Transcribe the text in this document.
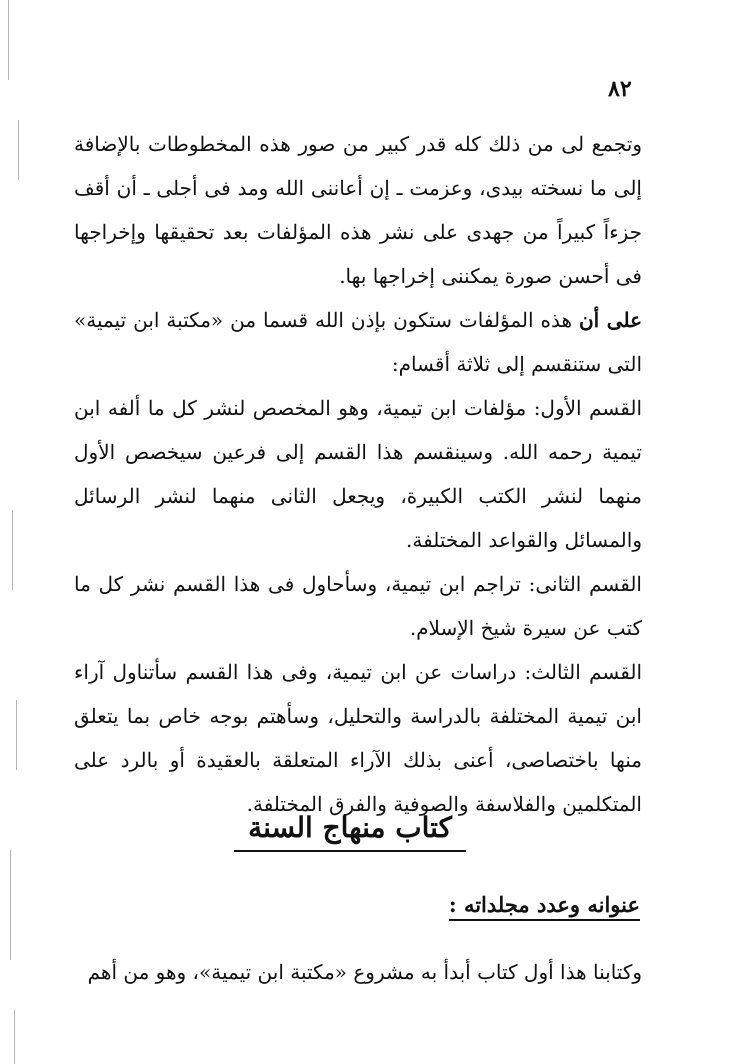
٨٢

وتجمع لى من ذلك كله قدر كبير من صور هذه المخطوطات بالإضافة إلى ما نسخته بيدى، وعزمت ـ إن أعاننى الله ومد فى أجلى ـ أن أقف جزءاً كبيراً من جهدى على نشر هذه المؤلفات بعد تحقيقها وإخراجها فى أحسن صورة يمكننى إخراجها بها.

على أن هذه المؤلفات ستكون بإذن الله قسما من «مكتبة ابن تيمية» التى ستنقسم إلى ثلاثة أقسام:

القسم الأول: مؤلفات ابن تيمية، وهو المخصص لنشر كل ما ألفه ابن تيمية رحمه الله. وسينقسم هذا القسم إلى فرعين سيخصص الأول منهما لنشر الكتب الكبيرة، ويجعل الثانى منهما لنشر الرسائل والمسائل والقواعد المختلفة.

القسم الثانى: تراجم ابن تيمية، وسأحاول فى هذا القسم نشر كل ما كتب عن سيرة شيخ الإسلام.

القسم الثالث: دراسات عن ابن تيمية، وفى هذا القسم سأتناول آراء ابن تيمية المختلفة بالدراسة والتحليل، وسأهتم بوجه خاص بما يتعلق منها باختصاصى، أعنى بذلك الآراء المتعلقة بالعقيدة أو بالرد على المتكلمين والفلاسفة والصوفية والفرق المختلفة.

كتاب منهاج السنة
عنوانه وعدد مجلداته :
وكتابنا هذا أول كتاب أبدأ به مشروع «مكتبة ابن تيمية»، وهو من أهم
